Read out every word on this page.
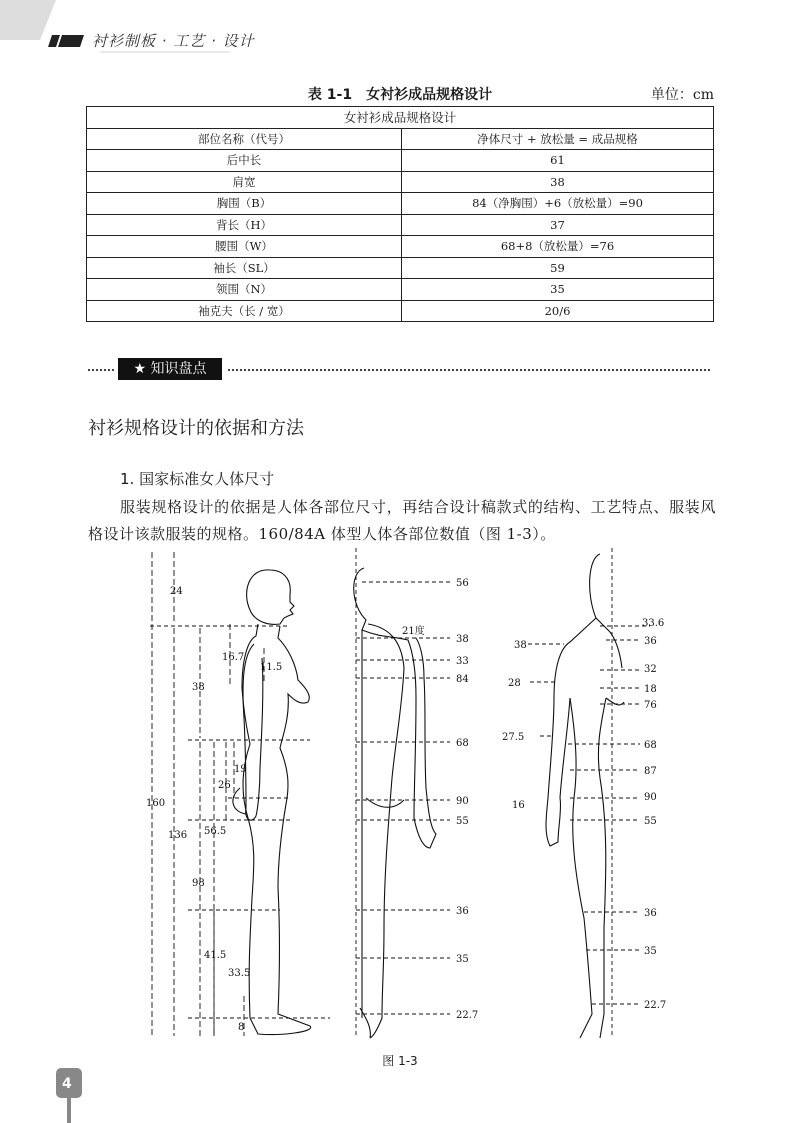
衬衫制板 · 工艺 · 设计
表 1-1　女衬衫成品规格设计	单位：cm
女衬衫成品规格设计	
部位名称（代号）	净体尺寸 + 放松量 = 成品规格
后中长	61
肩宽	38
胸围（B）	84（净胸围）+6（放松量）=90
背长（H）	37
腰围（W）	68+8（放松量）=76
袖长（SL）	59
领围（N）	35
袖克夫（长 / 宽）	20/6
★ 知识盘点
衬衫规格设计的依据和方法
1. 国家标准女人体尺寸
服装规格设计的依据是人体各部位尺寸，再结合设计稿款式的结构、工艺特点、服装风格设计该款服装的规格。160/84A 体型人体各部位数值（图 1-3）。
24
160
136
38
16.7
11.5
98
56.5
26
19
41.5
33.5
8
56
21度
38
33
84
68
90
55
36
35
22.7
38
28
27.5
16
33.6
36
32
18
76
68
87
90
55
36
35
22.7
图 1-3
4
